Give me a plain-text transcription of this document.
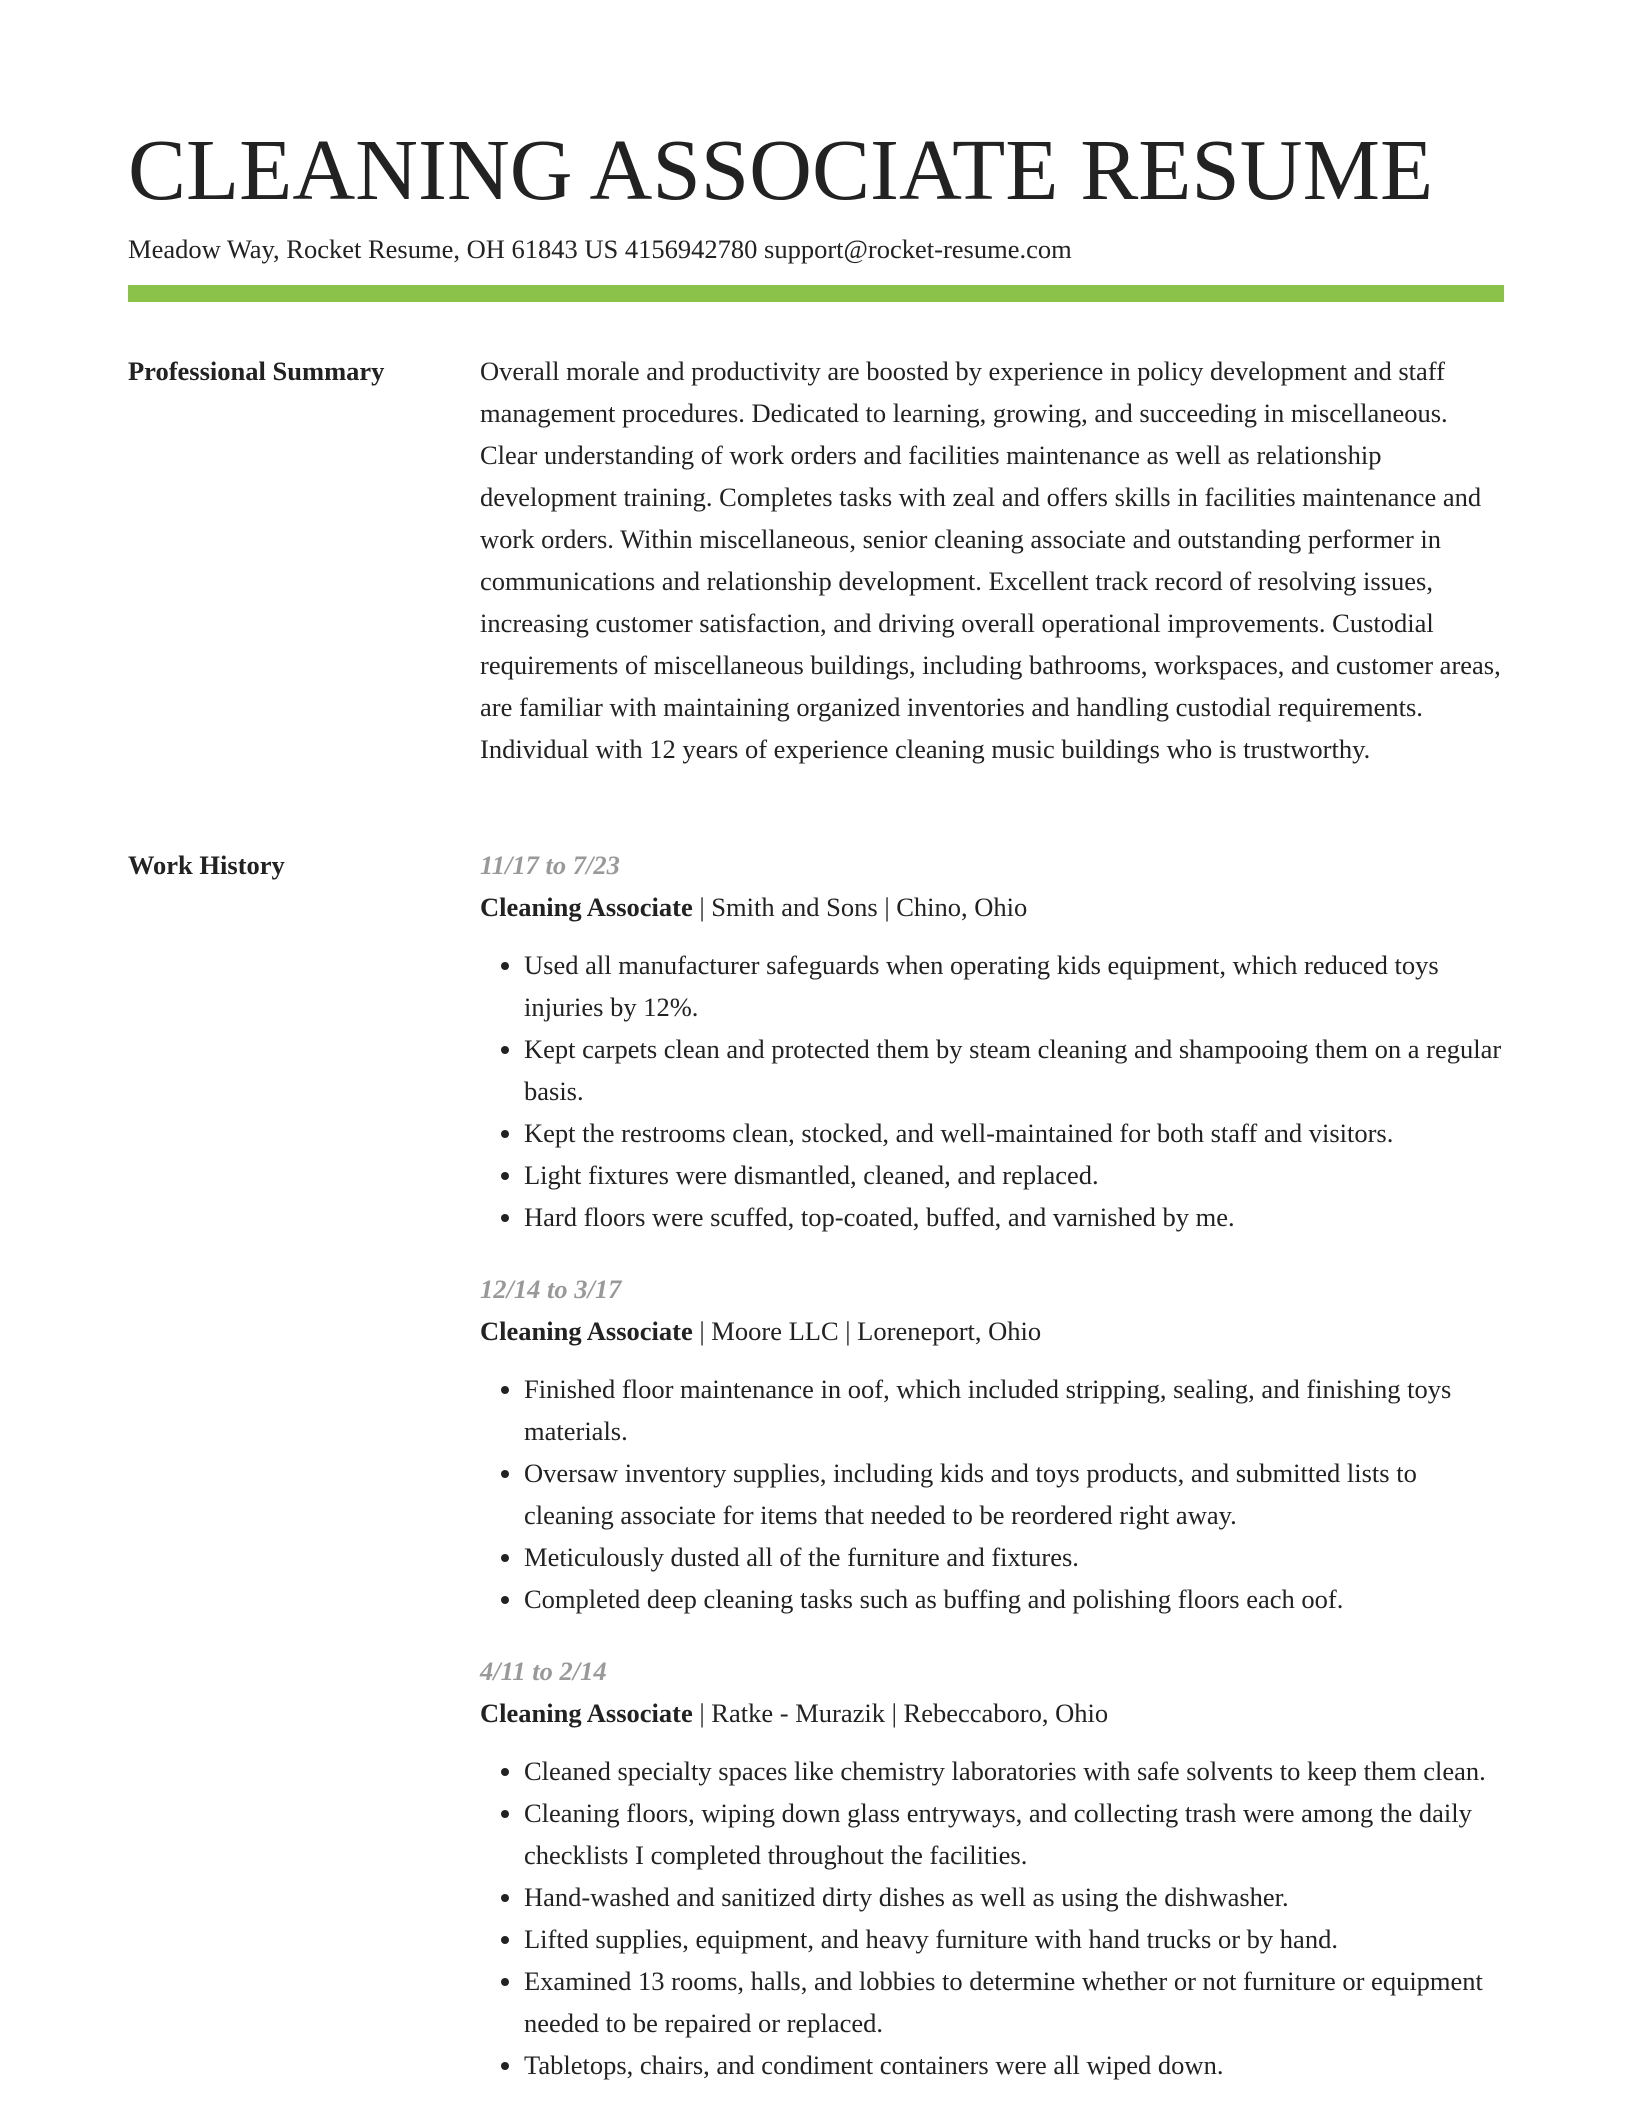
CLEANING ASSOCIATE RESUME
Meadow Way, Rocket Resume, OH 61843 US 4156942780 support@rocket-resume.com
Professional Summary	Overall morale and productivity are boosted by experience in policy development and staff management procedures. Dedicated to learning, growing, and succeeding in miscellaneous. Clear understanding of work orders and facilities maintenance as well as relationship development training. Completes tasks with zeal and offers skills in facilities maintenance and work orders. Within miscellaneous, senior cleaning associate and outstanding performer in communications and relationship development. Excellent track record of resolving issues, increasing customer satisfaction, and driving overall operational improvements. Custodial requirements of miscellaneous buildings, including bathrooms, workspaces, and customer areas, are familiar with maintaining organized inventories and handling custodial requirements. Individual with 12 years of experience cleaning music buildings who is trustworthy.

Work History	11/17 to 7/23

Cleaning Associate | Smith and Sons | Chino, Ohio

• Used all manufacturer safeguards when operating kids equipment, which reduced toys injuries by 12%.
• Kept carpets clean and protected them by steam cleaning and shampooing them on a regular basis.
• Kept the restrooms clean, stocked, and well-maintained for both staff and visitors.
• Light fixtures were dismantled, cleaned, and replaced.
• Hard floors were scuffed, top-coated, buffed, and varnished by me.

12/14 to 3/17

Cleaning Associate | Moore LLC | Loreneport, Ohio

• Finished floor maintenance in oof, which included stripping, sealing, and finishing toys materials.
• Oversaw inventory supplies, including kids and toys products, and submitted lists to cleaning associate for items that needed to be reordered right away.
• Meticulously dusted all of the furniture and fixtures.
• Completed deep cleaning tasks such as buffing and polishing floors each oof.

4/11 to 2/14

Cleaning Associate | Ratke - Murazik | Rebeccaboro, Ohio

• Cleaned specialty spaces like chemistry laboratories with safe solvents to keep them clean.
• Cleaning floors, wiping down glass entryways, and collecting trash were among the daily checklists I completed throughout the facilities.
• Hand-washed and sanitized dirty dishes as well as using the dishwasher.
• Lifted supplies, equipment, and heavy furniture with hand trucks or by hand.
• Examined 13 rooms, halls, and lobbies to determine whether or not furniture or equipment needed to be repaired or replaced.
• Tabletops, chairs, and condiment containers were all wiped down.
